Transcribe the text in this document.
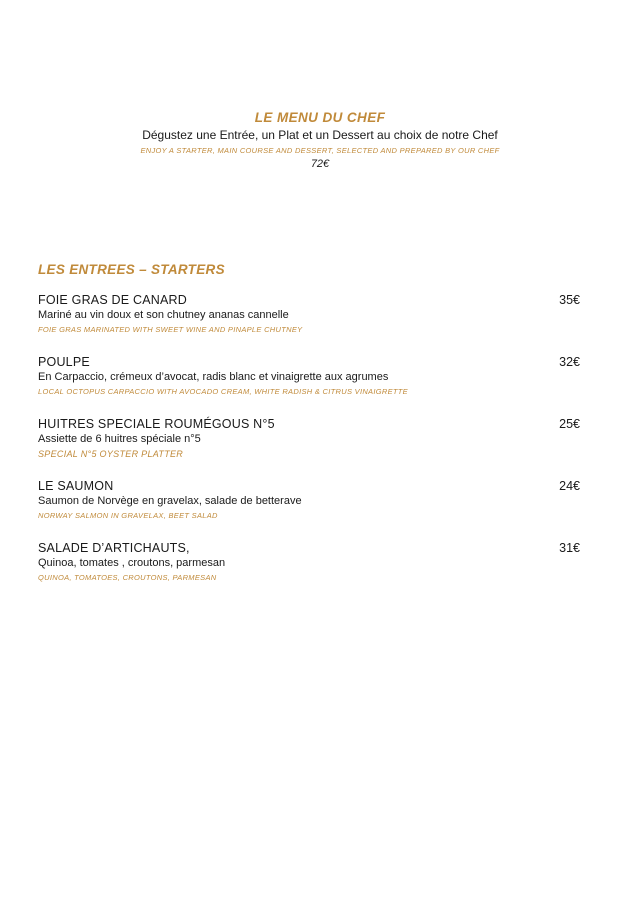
LE MENU DU CHEF
Dégustez une Entrée, un Plat et un Dessert au choix de notre Chef
ENJOY A STARTER, MAIN COURSE AND DESSERT, SELECTED AND PREPARED BY OUR CHEF
72€
LES ENTREES – STARTERS
FOIE GRAS DE CANARD	35€
Mariné au vin doux et son chutney ananas cannelle
FOIE GRAS MARINATED WITH SWEET WINE AND PINAPLE CHUTNEY
POULPE	32€
En Carpaccio, crémeux d’avocat, radis blanc et vinaigrette aux agrumes
LOCAL OCTOPUS CARPACCIO WITH AVOCADO CREAM, WHITE RADISH & CITRUS VINAIGRETTE
HUITRES SPECIALE ROUMÉGOUS N°5	25€
Assiette de 6 huitres spéciale n°5
SPECIAL N°5 OYSTER PLATTER
LE SAUMON	24€
Saumon de Norvège en gravelax, salade de betterave
NORWAY SALMON IN GRAVELAX, BEET SALAD
SALADE D’ARTICHAUTS,	31€
Quinoa, tomates , croutons, parmesan
QUINOA, TOMATOES, CROUTONS, PARMESAN
